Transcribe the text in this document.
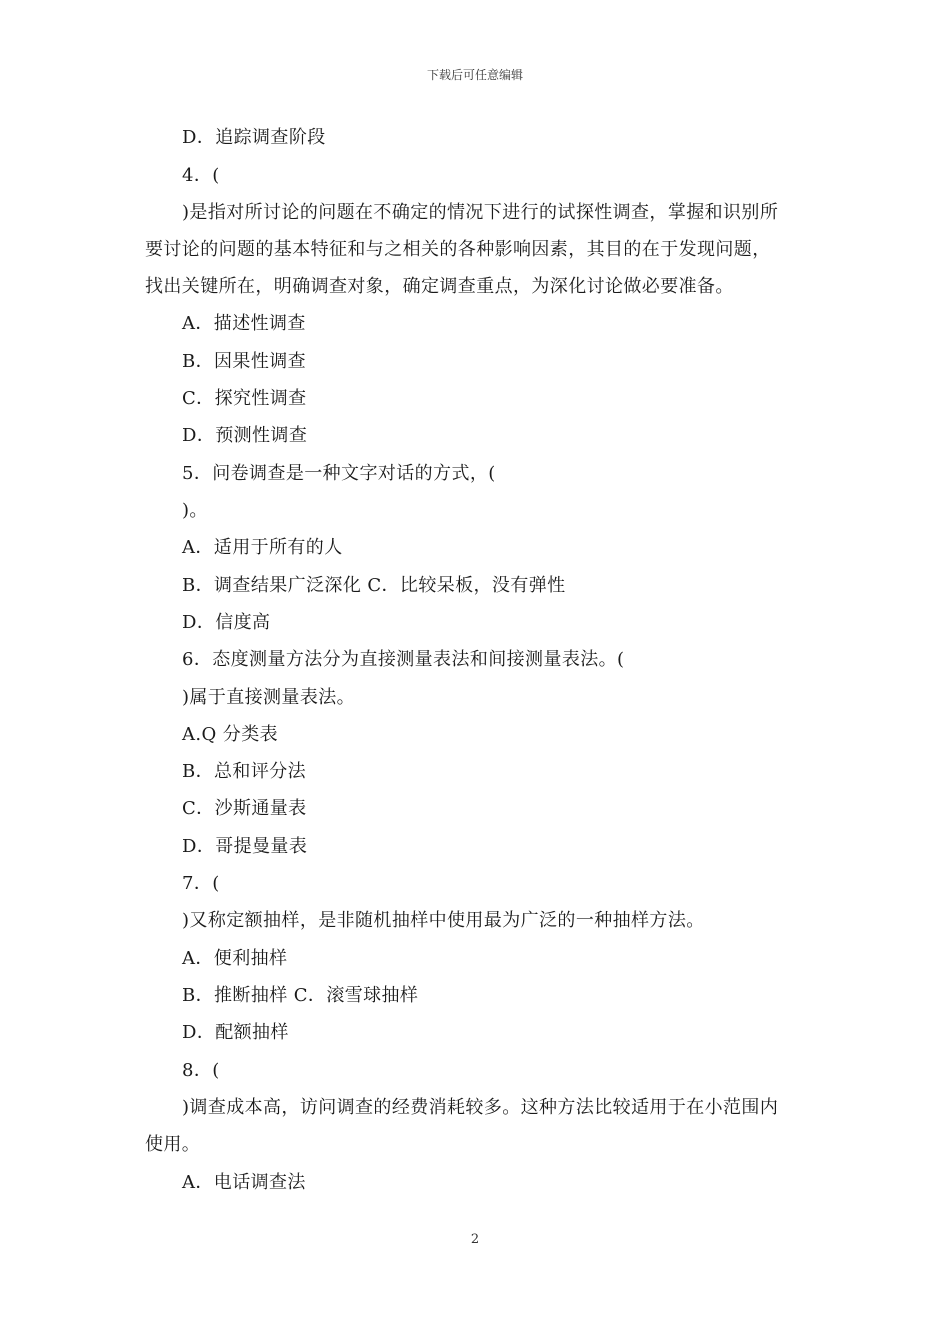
下载后可任意编辑
D．追踪调查阶段
4．(
)是指对所讨论的问题在不确定的情况下进行的试探性调查，掌握和识别所
要讨论的问题的基本特征和与之相关的各种影响因素，其目的在于发现问题，
找出关键所在，明确调查对象，确定调查重点，为深化讨论做必要准备。
A．描述性调查
B．因果性调查
C．探究性调查
D．预测性调查
5．问卷调查是一种文字对话的方式，(
)。
A．适用于所有的人
B．调查结果广泛深化 C．比较呆板，没有弹性
D．信度高
6．态度测量方法分为直接测量表法和间接测量表法。(
)属于直接测量表法。
A.Q 分类表
B．总和评分法
C．沙斯通量表
D．哥提曼量表
7．(
)又称定额抽样，是非随机抽样中使用最为广泛的一种抽样方法。
A．便利抽样
B．推断抽样 C．滚雪球抽样
D．配额抽样
8．(
)调查成本高，访问调查的经费消耗较多。这种方法比较适用于在小范围内
使用。
A．电话调查法
2
